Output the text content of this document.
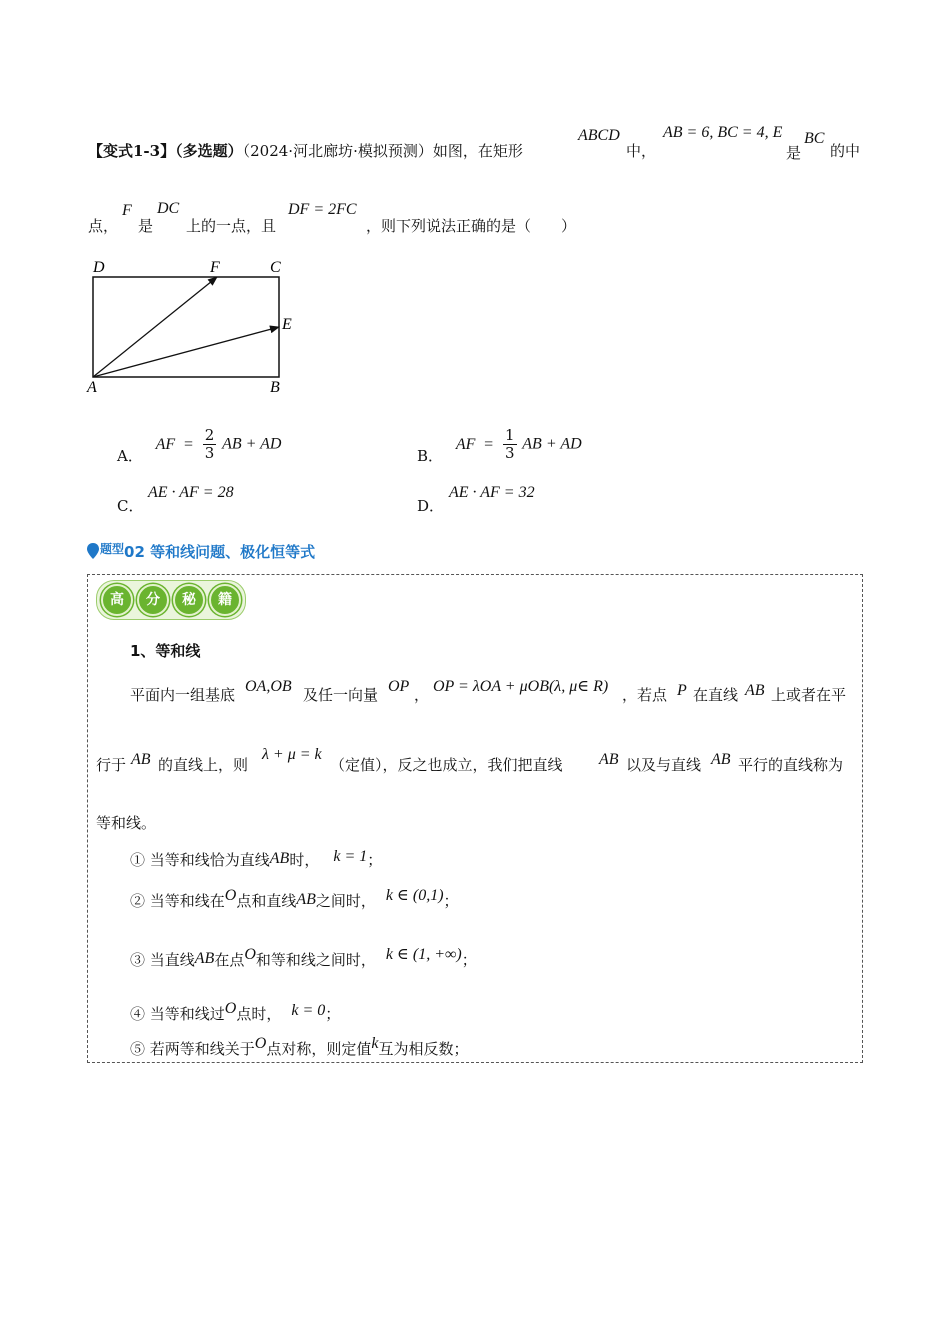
【变式1-3】（多选题）（2024·河北廊坊·模拟预测）如图，在矩形
ABCD
中，
AB = 6, BC = 4, E
是
BC
的中
点，
F
是
DC
上的一点，且
DF = 2FC
，则下列说法正确的是（　　）
D	F	C
E
A	B
A． AF = $\frac{2}{3}$ AB + AD
B． AF = $\frac{1}{3}$ AB + AD
C．
AE · AF = 28
D．
AE · AF = 32
$^{题型}$02 等和线问题、极化恒等式
高 分 秘 籍
1、等和线
平面内一组基底 OA,OB 及任一向量 OP ， OP = λOA + μOB(λ, μ∈ R) ，若点 P 在直线 AB 上或者在平
行于 AB 的直线上，则
λ + μ = k
（定值），反之也成立，我们把直线 AB 以及与直线 AB 平行的直线称为
等和线。
① 当等和线恰为直线AB时， k = 1；
② 当等和线在O点和直线AB之间时， k ∈ (0,1)；
③ 当直线AB在点O和等和线之间时， k ∈ (1, +∞)；
④ 当等和线过O点时， k = 0；
⑤ 若两等和线关于O点对称，则定值k互为相反数；
